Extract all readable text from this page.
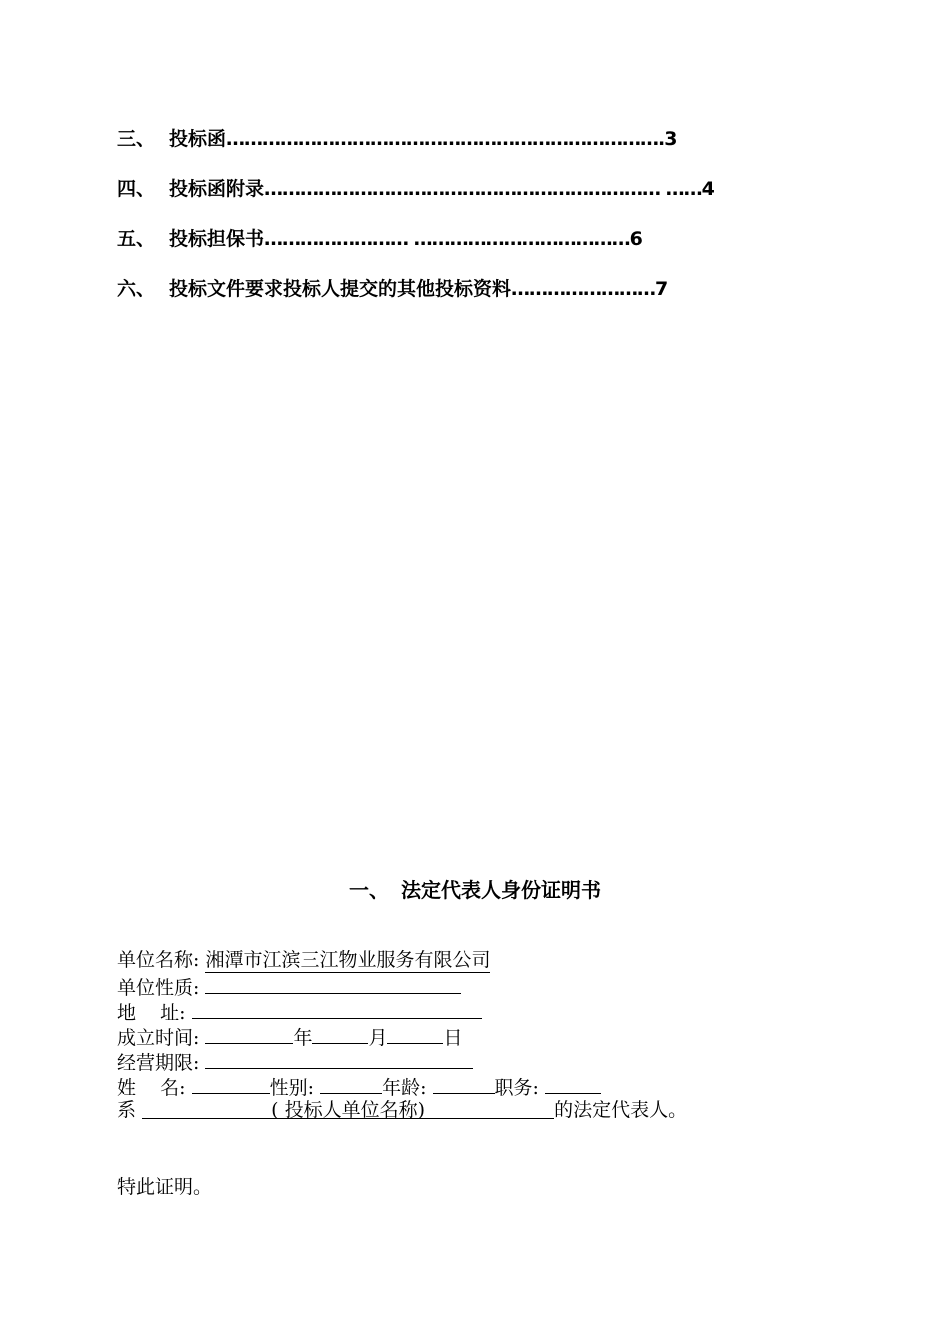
三、 投标函……………………………………………………………….3
四、 投标函附录………………………………………………………… ……4
五、 投标担保书…………………… ………………………………6
六、 投标文件要求投标人提交的其他投标资料……………………7
一、 法定代表人身份证明书
单位名称: 湘潭市江滨三江物业服务有限公司
单位性质:
地    址:
成立时间:	年	月	日
经营期限:
姓    名:	性别:	年龄:	职务:
系	( 投标人单位名称)	的法定代表人。
特此证明。
